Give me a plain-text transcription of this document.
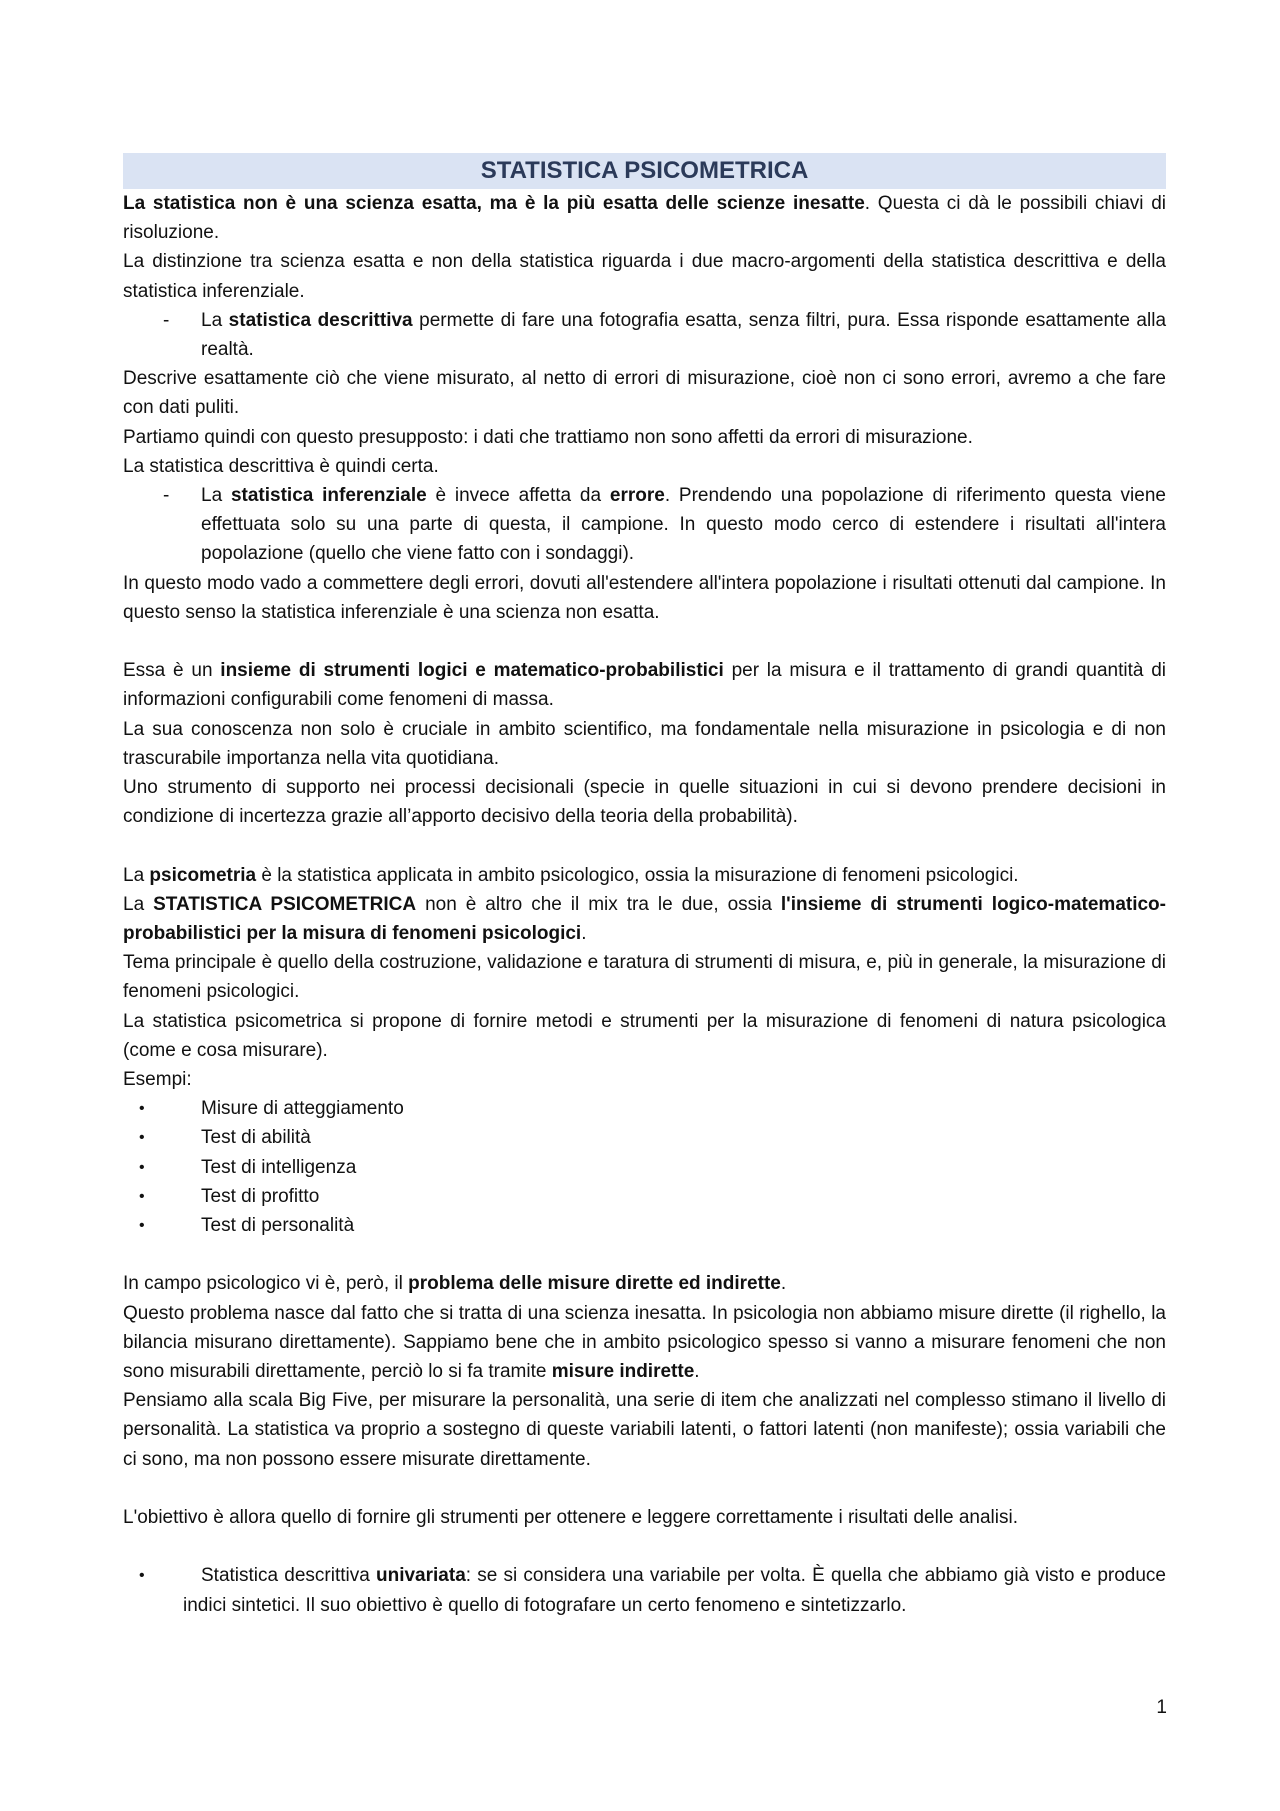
STATISTICA PSICOMETRICA

La statistica non è una scienza esatta, ma è la più esatta delle scienze inesatte. Questa ci dà le possibili chiavi di risoluzione.

La distinzione tra scienza esatta e non della statistica riguarda i due macro-argomenti della statistica descrittiva e della statistica inferenziale.

- La statistica descrittiva permette di fare una fotografia esatta, senza filtri, pura. Essa risponde esattamente alla realtà.

Descrive esattamente ciò che viene misurato, al netto di errori di misurazione, cioè non ci sono errori, avremo a che fare con dati puliti.

Partiamo quindi con questo presupposto: i dati che trattiamo non sono affetti da errori di misurazione.

La statistica descrittiva è quindi certa.

- La statistica inferenziale è invece affetta da errore. Prendendo una popolazione di riferimento questa viene effettuata solo su una parte di questa, il campione. In questo modo cerco di estendere i risultati all'intera popolazione (quello che viene fatto con i sondaggi).

In questo modo vado a commettere degli errori, dovuti all'estendere all'intera popolazione i risultati ottenuti dal campione. In questo senso la statistica inferenziale è una scienza non esatta.

Essa è un insieme di strumenti logici e matematico-probabilistici per la misura e il trattamento di grandi quantità di informazioni configurabili come fenomeni di massa.

La sua conoscenza non solo è cruciale in ambito scientifico, ma fondamentale nella misurazione in psicologia e di non trascurabile importanza nella vita quotidiana.

Uno strumento di supporto nei processi decisionali (specie in quelle situazioni in cui si devono prendere decisioni in condizione di incertezza grazie all’apporto decisivo della teoria della probabilità).

La psicometria è la statistica applicata in ambito psicologico, ossia la misurazione di fenomeni psicologici.

La STATISTICA PSICOMETRICA non è altro che il mix tra le due, ossia l'insieme di strumenti logico-matematico-probabilistici per la misura di fenomeni psicologici.

Tema principale è quello della costruzione, validazione e taratura di strumenti di misura, e, più in generale, la misurazione di fenomeni psicologici.

La statistica psicometrica si propone di fornire metodi e strumenti per la misurazione di fenomeni di natura psicologica (come e cosa misurare).

Esempi:

•	Misure di atteggiamento
•	Test di abilità
•	Test di intelligenza
•	Test di profitto
•	Test di personalità

In campo psicologico vi è, però, il problema delle misure dirette ed indirette.

Questo problema nasce dal fatto che si tratta di una scienza inesatta. In psicologia non abbiamo misure dirette (il righello, la bilancia misurano direttamente). Sappiamo bene che in ambito psicologico spesso si vanno a misurare fenomeni che non sono misurabili direttamente, perciò lo si fa tramite misure indirette.

Pensiamo alla scala Big Five, per misurare la personalità, una serie di item che analizzati nel complesso stimano il livello di personalità. La statistica va proprio a sostegno di queste variabili latenti, o fattori latenti (non manifeste); ossia variabili che ci sono, ma non possono essere misurate direttamente.

L'obiettivo è allora quello di fornire gli strumenti per ottenere e leggere correttamente i risultati delle analisi.

•	Statistica descrittiva univariata: se si considera una variabile per volta. È quella che abbiamo già visto e produce indici sintetici. Il suo obiettivo è quello di fotografare un certo fenomeno e sintetizzarlo.
1
